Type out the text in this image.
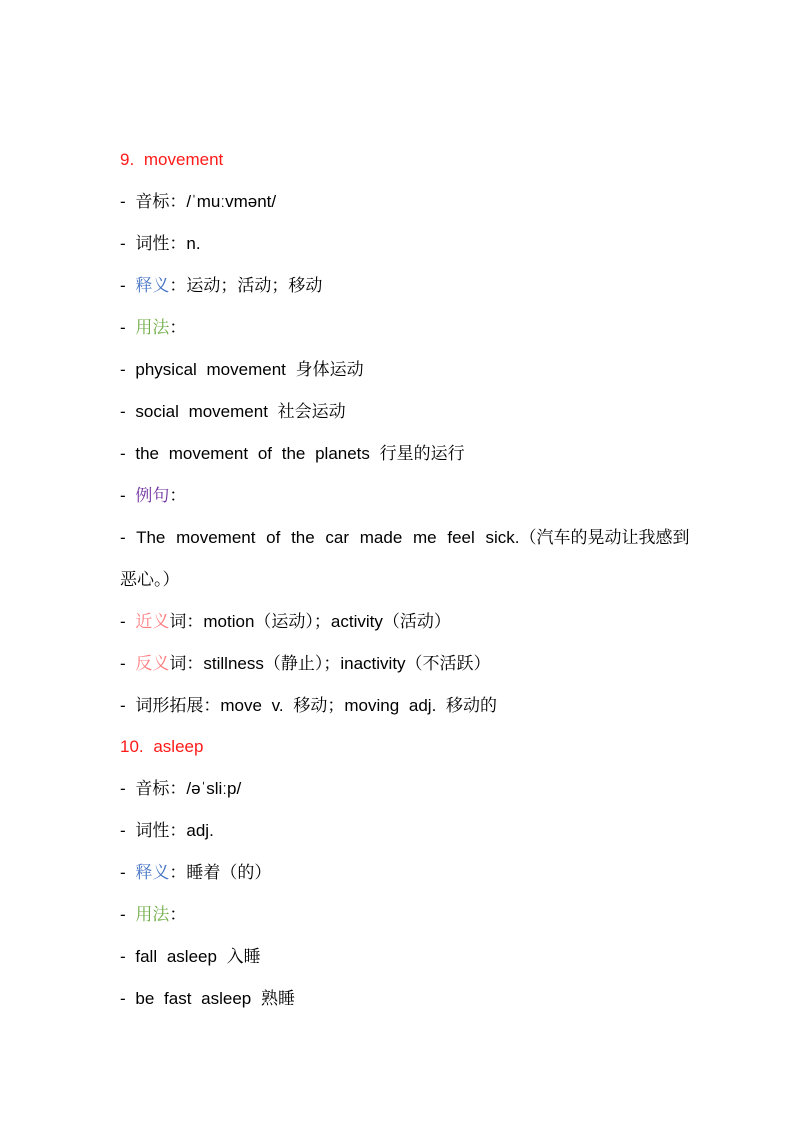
9. movement
- 音标：/ˈmuːvmənt/
- 词性：n.
- 释义：运动；活动；移动
- 用法：
- physical movement 身体运动
- social movement 社会运动
- the movement of the planets 行星的运行
- 例句：
- The movement of the car made me feel sick.（汽车的晃动让我感到恶心。）
- 近义词：motion（运动）；activity（活动）
- 反义词：stillness（静止）；inactivity（不活跃）
- 词形拓展：move v. 移动；moving adj. 移动的
10. asleep
- 音标：/əˈsliːp/
- 词性：adj.
- 释义：睡着（的）
- 用法：
- fall asleep 入睡
- be fast asleep 熟睡
